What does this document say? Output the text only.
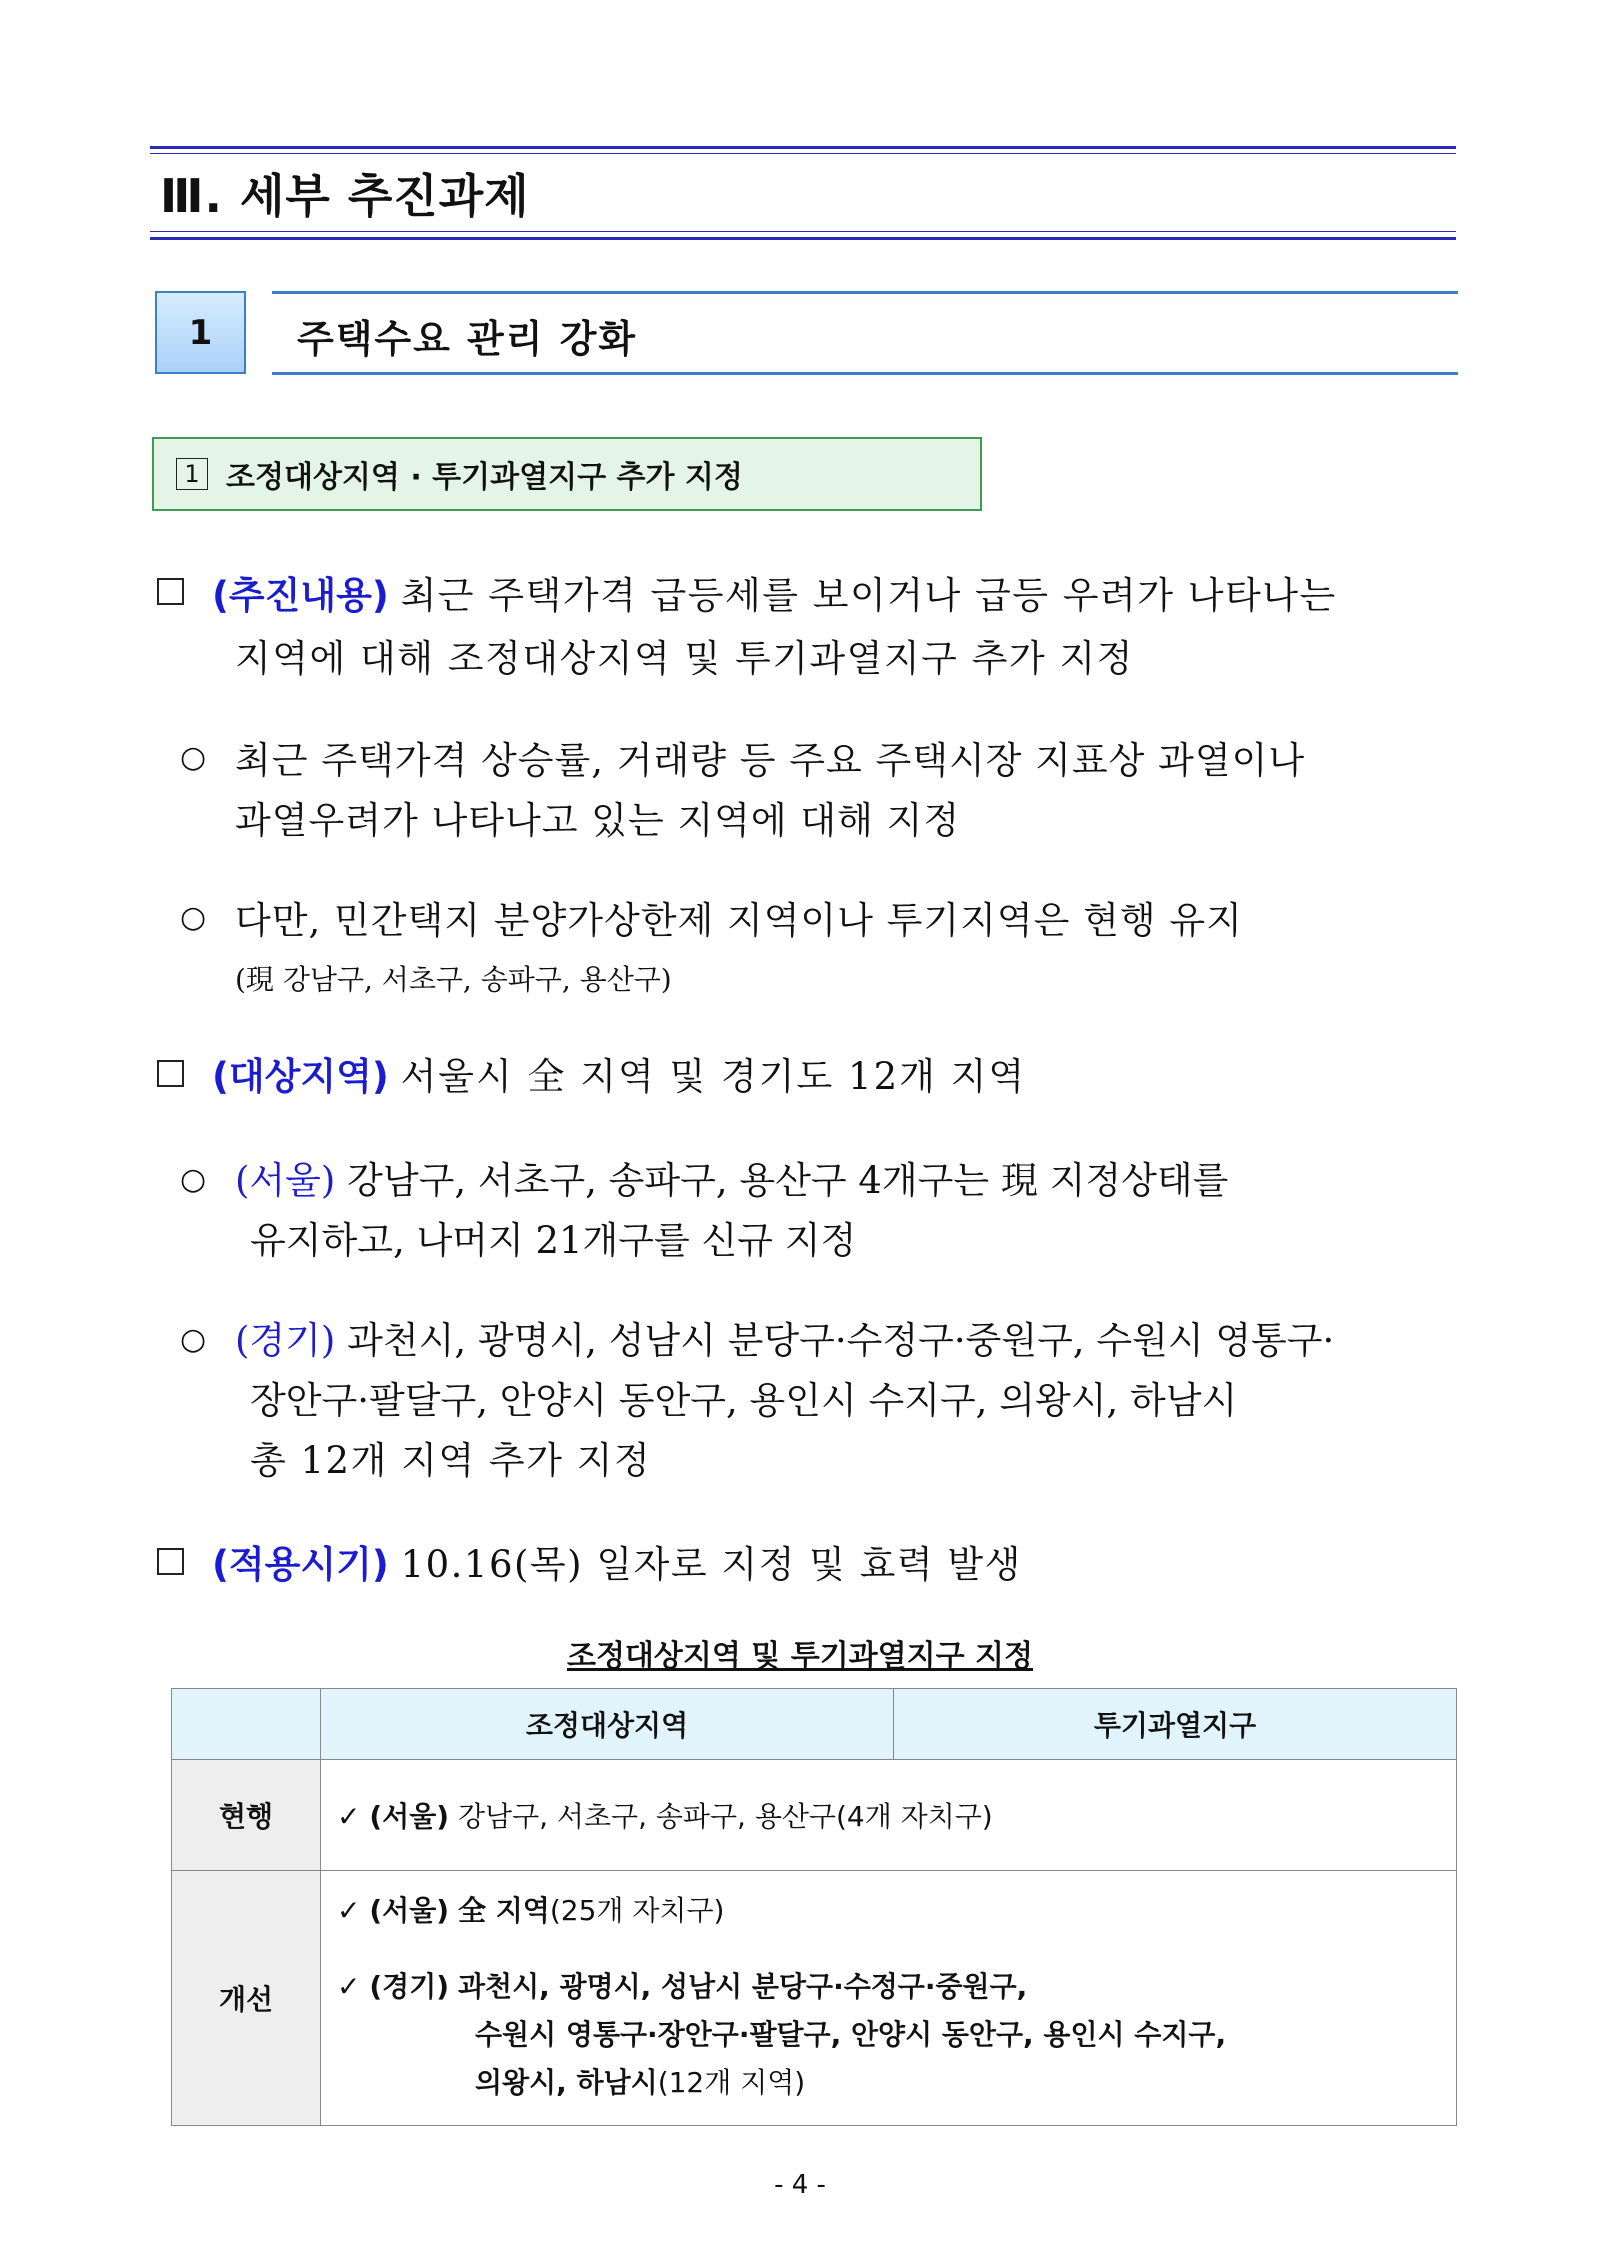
Ⅲ. 세부 추진과제
1 주택수요 관리 강화
1 조정대상지역 · 투기과열지구 추가 지정
(추진내용) 최근 주택가격 급등세를 보이거나 급등 우려가 나타나는
지역에 대해 조정대상지역 및 투기과열지구 추가 지정
○ 최근 주택가격 상승률, 거래량 등 주요 주택시장 지표상 과열이나
과열우려가 나타나고 있는 지역에 대해 지정
○ 다만, 민간택지 분양가상한제 지역이나 투기지역은 현행 유지
(現 강남구, 서초구, 송파구, 용산구)
(대상지역) 서울시 全 지역 및 경기도 12개 지역
○ (서울) 강남구, 서초구, 송파구, 용산구 4개구는 現 지정상태를
유지하고, 나머지 21개구를 신규 지정
○ (경기) 과천시, 광명시, 성남시 분당구·수정구·중원구, 수원시 영통구·
장안구·팔달구, 안양시 동안구, 용인시 수지구, 의왕시, 하남시
총 12개 지역 추가 지정
(적용시기) 10.16(목) 일자로 지정 및 효력 발생
조정대상지역 및 투기과열지구 지정
	조정대상지역	투기과열지구
현행	✓ (서울) 강남구, 서초구, 송파구, 용산구(4개 자치구)	
개선	✓ (서울) 全 지역(25개 자치구)
✓ (경기) 과천시, 광명시, 성남시 분당구·수정구·중원구,
수원시 영통구·장안구·팔달구, 안양시 동안구, 용인시 수지구,
의왕시, 하남시(12개 지역)	
- 4 -
